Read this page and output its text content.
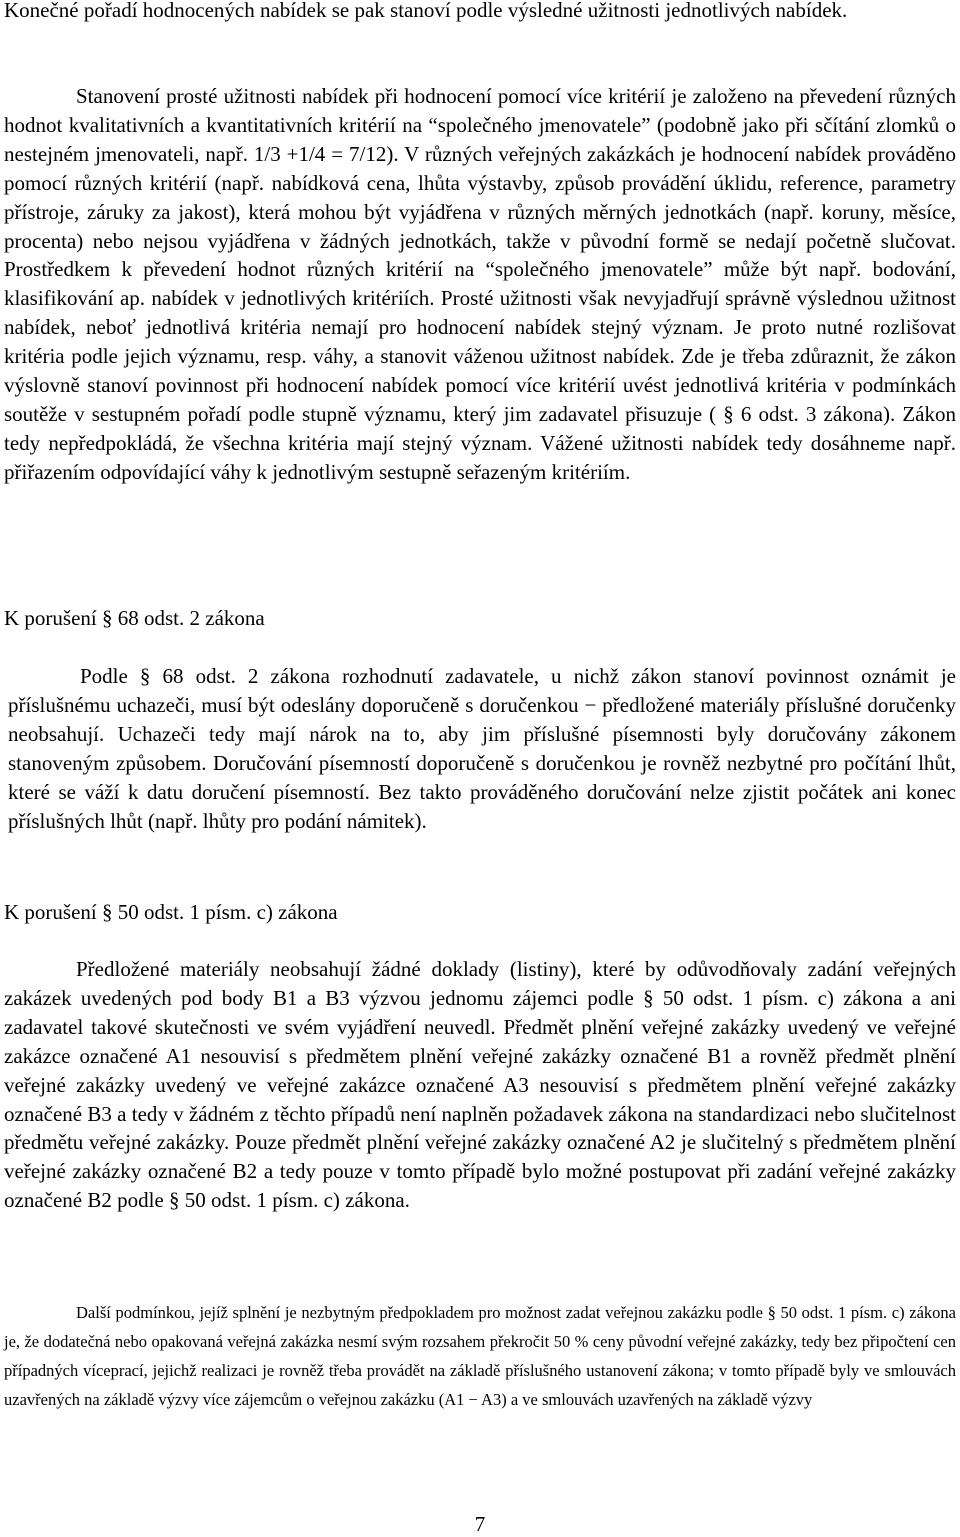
Konečné pořadí hodnocených nabídek se pak stanoví podle výsledné užitnosti jednotlivých nabídek.

Stanovení prosté užitnosti nabídek při hodnocení pomocí více kritérií je založeno na převedení různých hodnot kvalitativních a kvantitativních kritérií na “společného jmenovatele” (podobně jako při sčítání zlomků o nestejném jmenovateli, např. 1/3 +1/4 = 7/12). V různých veřejných zakázkách je hodnocení nabídek prováděno pomocí různých kritérií (např. nabídková cena, lhůta výstavby, způsob provádění úklidu, reference, parametry přístroje, záruky za jakost), která mohou být vyjádřena v různých měrných jednotkách (např. koruny, měsíce, procenta) nebo nejsou vyjádřena v žádných jednotkách, takže v původní formě se nedají početně slučovat. Prostředkem k převedení hodnot různých kritérií na “společného jmenovatele” může být např. bodování, klasifikování ap. nabídek v jednotlivých kritériích. Prosté užitnosti však nevyjadřují správně výslednou užitnost nabídek, neboť jednotlivá kritéria nemají pro hodnocení nabídek stejný význam. Je proto nutné rozlišovat kritéria podle jejich významu, resp. váhy, a stanovit váženou užitnost nabídek. Zde je třeba zdůraznit, že zákon výslovně stanoví povinnost při hodnocení nabídek pomocí více kritérií uvést jednotlivá kritéria v podmínkách soutěže v sestupném pořadí podle stupně významu, který jim zadavatel přisuzuje ( § 6 odst. 3 zákona). Zákon tedy nepředpokládá, že všechna kritéria mají stejný význam. Vážené užitnosti nabídek tedy dosáhneme např. přiřazením odpovídající váhy k jednotlivým sestupně seřazeným kritériím.

K porušení § 68 odst. 2 zákona

Podle § 68 odst. 2 zákona rozhodnutí zadavatele, u nichž zákon stanoví povinnost oznámit je příslušnému uchazeči, musí být odeslány doporučeně s doručenkou − předložené materiály příslušné doručenky neobsahují. Uchazeči tedy mají nárok na to, aby jim příslušné písemnosti byly doručovány zákonem stanoveným způsobem. Doručování písemností doporučeně s doručenkou je rovněž nezbytné pro počítání lhůt, které se váží k datu doručení písemností. Bez takto prováděného doručování nelze zjistit počátek ani konec příslušných lhůt (např. lhůty pro podání námitek).

K porušení § 50 odst. 1 písm. c) zákona

Předložené materiály neobsahují žádné doklady (listiny), které by odůvodňovaly zadání veřejných zakázek uvedených pod body B1 a B3 výzvou jednomu zájemci podle § 50 odst. 1 písm. c) zákona a ani zadavatel takové skutečnosti ve svém vyjádření neuvedl. Předmět plnění veřejné zakázky uvedený ve veřejné zakázce označené A1 nesouvisí s předmětem plnění veřejné zakázky označené B1 a rovněž předmět plnění veřejné zakázky uvedený ve veřejné zakázce označené A3 nesouvisí s předmětem plnění veřejné zakázky označené B3 a tedy v žádném z těchto případů není naplněn požadavek zákona na standardizaci nebo slučitelnost předmětu veřejné zakázky. Pouze předmět plnění veřejné zakázky označené A2 je slučitelný s předmětem plnění veřejné zakázky označené B2 a tedy pouze v tomto případě bylo možné postupovat při zadání veřejné zakázky označené B2 podle § 50 odst. 1 písm. c) zákona.

Další podmínkou, jejíž splnění je nezbytným předpokladem pro možnost zadat veřejnou zakázku podle § 50 odst. 1 písm. c) zákona je, že dodatečná nebo opakovaná veřejná zakázka nesmí svým rozsahem překročit 50 % ceny původní veřejné zakázky, tedy bez připočtení cen případných víceprací, jejichž realizaci je rovněž třeba provádět na základě příslušného ustanovení zákona; v tomto případě byly ve smlouvách uzavřených na základě výzvy více zájemcům o veřejnou zakázku (A1 − A3) a ve smlouvách uzavřených na základě výzvy

7
